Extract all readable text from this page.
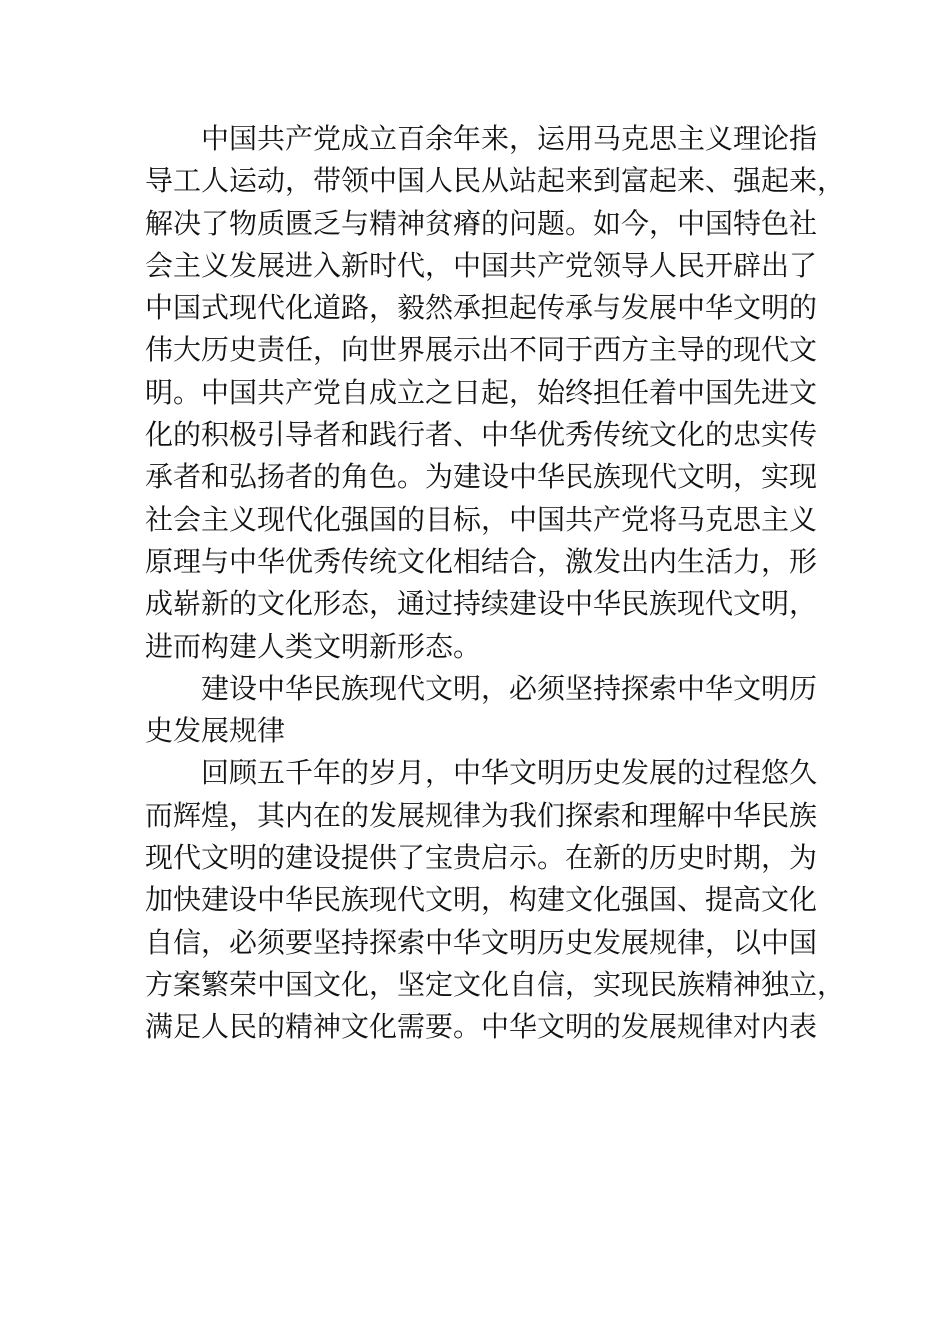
中国共产党成立百余年来，运用马克思主义理论指
导工人运动，带领中国人民从站起来到富起来、强起来，
解决了物质匮乏与精神贫瘠的问题。如今，中国特色社
会主义发展进入新时代，中国共产党领导人民开辟出了
中国式现代化道路，毅然承担起传承与发展中华文明的
伟大历史责任，向世界展示出不同于西方主导的现代文
明。中国共产党自成立之日起，始终担任着中国先进文
化的积极引导者和践行者、中华优秀传统文化的忠实传
承者和弘扬者的角色。为建设中华民族现代文明，实现
社会主义现代化强国的目标，中国共产党将马克思主义
原理与中华优秀传统文化相结合，激发出内生活力，形
成崭新的文化形态，通过持续建设中华民族现代文明，
进而构建人类文明新形态。
建设中华民族现代文明，必须坚持探索中华文明历
史发展规律
回顾五千年的岁月，中华文明历史发展的过程悠久
而辉煌，其内在的发展规律为我们探索和理解中华民族
现代文明的建设提供了宝贵启示。在新的历史时期，为
加快建设中华民族现代文明，构建文化强国、提高文化
自信，必须要坚持探索中华文明历史发展规律，以中国
方案繁荣中国文化，坚定文化自信，实现民族精神独立，
满足人民的精神文化需要。中华文明的发展规律对内表
